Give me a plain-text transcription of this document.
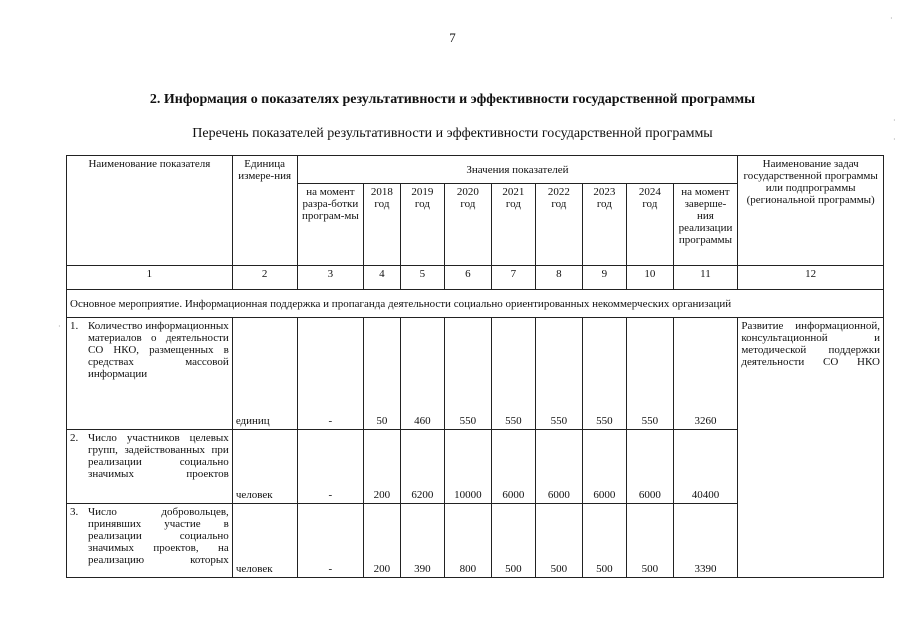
7
2. Информация о показателях результативности и эффективности государственной программы
Перечень показателей результативности и эффективности государственной программы
·
·
·
·
Наименование показателя	Единица измере-ния	Значения показателей									Наименование задач государственной программы или подпрограммы (региональной программы)
		на момент разра-ботки програм-мы	2018 год	2019 год	2020 год	2021 год	2022 год	2023 год	2024 год	на момент заверше-ния реализации программы	
1	2	3	4	5	6	7	8	9	10	11	12
Основное мероприятие. Информационная поддержка и пропаганда деятельности социально ориентированных некоммерческих организаций											

1. Количество информационных материалов о деятельности СО НКО, размещенных в средствах массовой информации	единиц	-	50	460	550	550	550	550	550	3260	Развитие информационной, консультационной и методической поддержки деятельности СО НКО

2. Число участников целевых групп, задействованных при реализации социально значимых проектов	человек	-	200	6200	10000	6000	6000	6000	6000	40400	

3. Число добровольцев, принявших участие в реализации социально значимых проектов, на реализацию которых	человек	-	200	390	800	500	500	500	500	3390	
